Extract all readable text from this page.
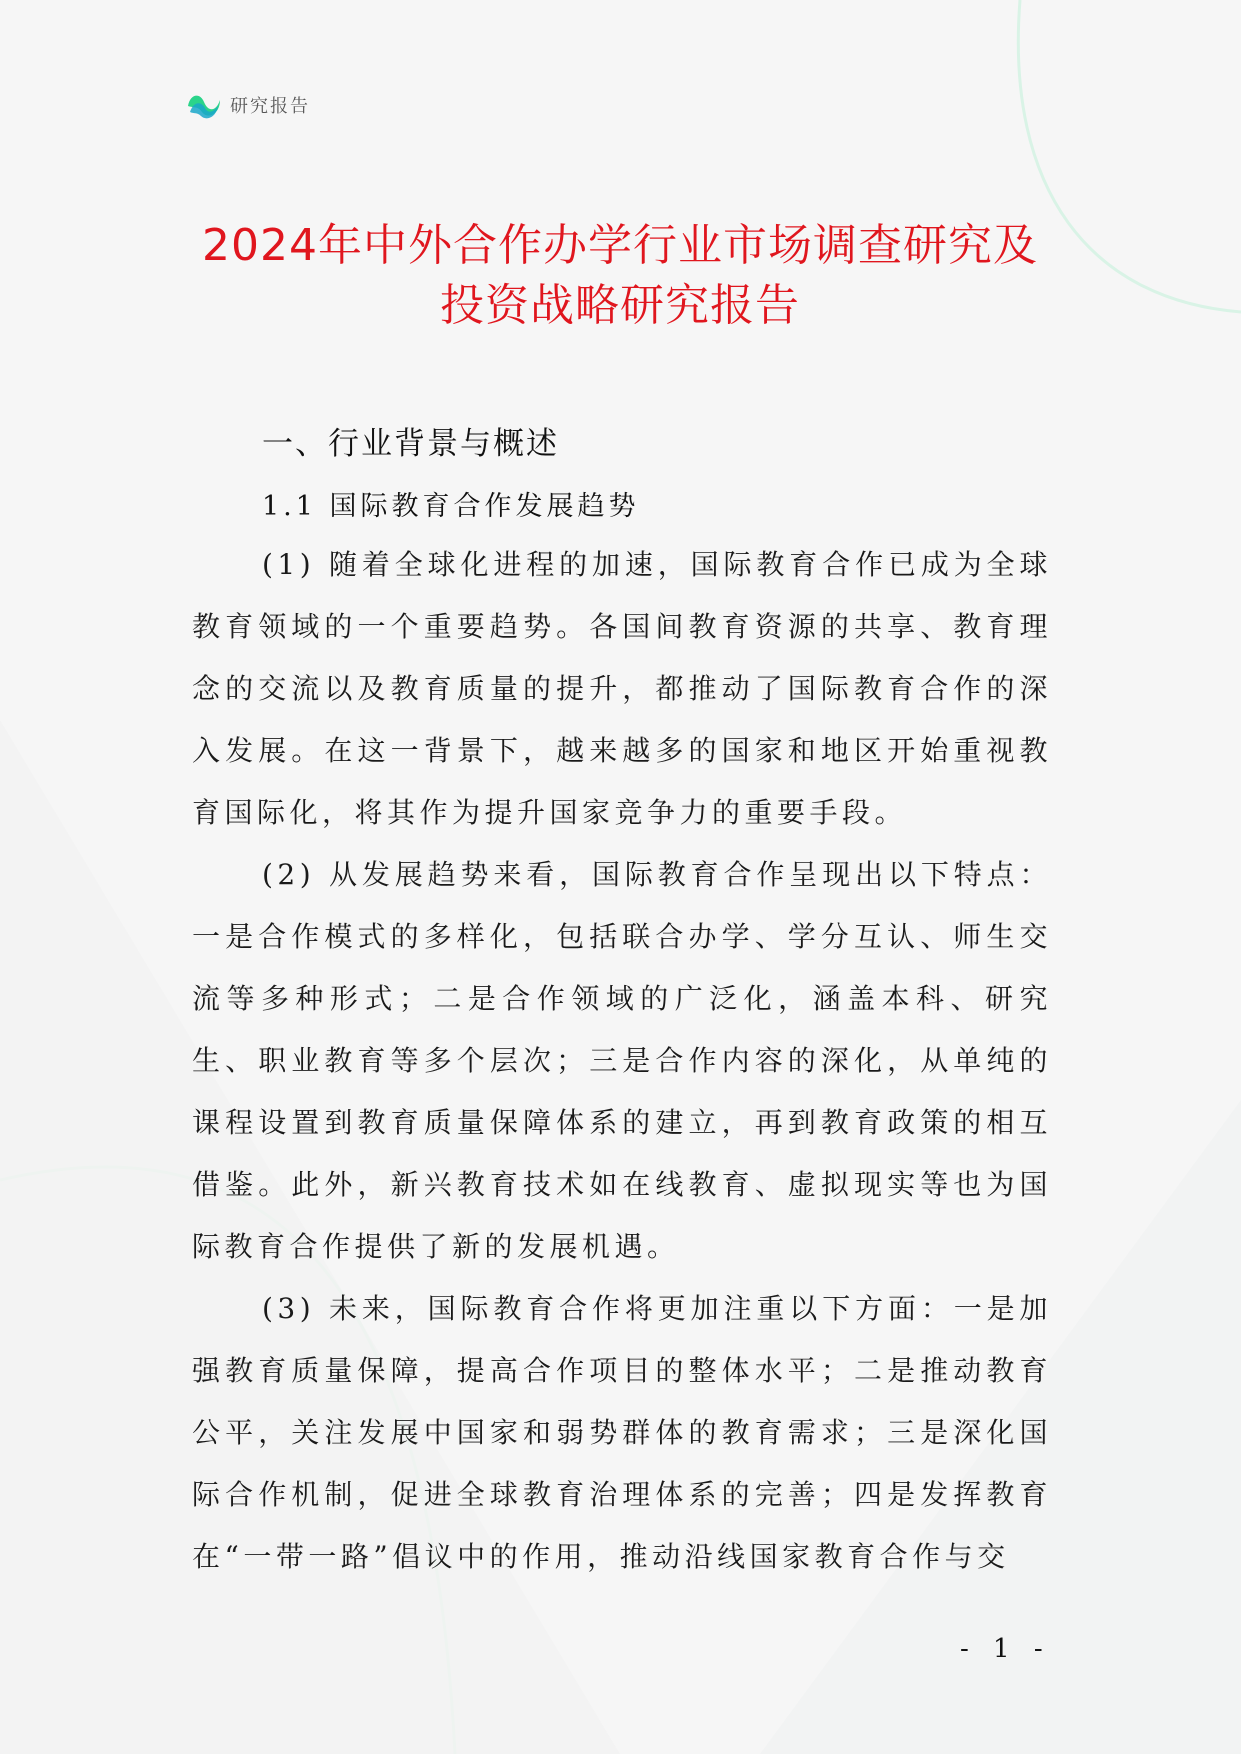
研究报告
2024年中外合作办学行业市场调查研究及
投资战略研究报告
一、行业背景与概述
1.1 国际教育合作发展趋势

(1) 随着全球化进程的加速，国际教育合作已成为全球教育领域的一个重要趋势。各国间教育资源的共享、教育理念的交流以及教育质量的提升，都推动了国际教育合作的深入发展。在这一背景下，越来越多的国家和地区开始重视教育国际化，将其作为提升国家竞争力的重要手段。

(2) 从发展趋势来看，国际教育合作呈现出以下特点：一是合作模式的多样化，包括联合办学、学分互认、师生交流等多种形式；二是合作领域的广泛化，涵盖本科、研究生、职业教育等多个层次；三是合作内容的深化，从单纯的课程设置到教育质量保障体系的建立，再到教育政策的相互借鉴。此外，新兴教育技术如在线教育、虚拟现实等也为国际教育合作提供了新的发展机遇。

(3) 未来，国际教育合作将更加注重以下方面：一是加强教育质量保障，提高合作项目的整体水平；二是推动教育公平，关注发展中国家和弱势群体的教育需求；三是深化国际合作机制，促进全球教育治理体系的完善；四是发挥教育在“一带一路”倡议中的作用，推动沿线国家教育合作与交

- 1 -
